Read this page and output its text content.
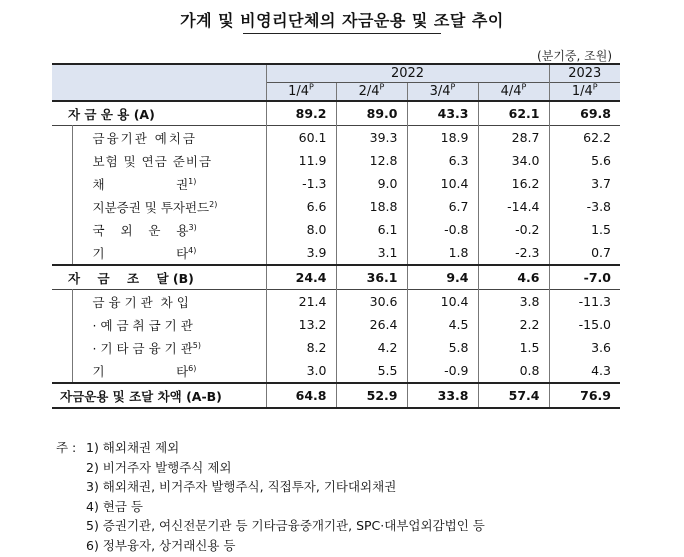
가계 및 비영리단체의 자금운용 및 조달 추이
(분기중, 조원)
		2022				2023
		$1/4^P$	$2/4^P$	$3/4^P$	$4/4^P$	$1/4^P$
자 금 운 용 (A)		89.2	89.0	43.3	62.1	69.8
	금융기관 예치금	60.1	39.3	18.9	28.7	62.2
	보험 및 연금 준비금	11.9	12.8	6.3	34.0	5.6
	채                  권$^{1)}$	-1.3	9.0	10.4	16.2	3.7
	지분증권 및 투자펀드$^{2)}$	6.6	18.8	6.7	-14.4	-3.8
	국    외    운    용$^{3)}$	8.0	6.1	-0.8	-0.2	1.5
	기                  타$^{4)}$	3.9	3.1	1.8	-2.3	0.7
자    금    조    달 (B)		24.4	36.1	9.4	4.6	-7.0
	금 융 기 관  차 입	21.4	30.6	10.4	3.8	-11.3
	· 예 금 취 급 기 관	13.2	26.4	4.5	2.2	-15.0
	· 기 타 금 융 기 관$^{5)}$	8.2	4.2	5.8	1.5	3.6
	기                  타$^{6)}$	3.0	5.5	-0.9	0.8	4.3
자금운용 및 조달 차액 (A-B)		64.8	52.9	33.8	57.4	76.9
주 : 1) 해외채권 제외
2) 비거주자 발행주식 제외
3) 해외채권, 비거주자 발행주식, 직접투자, 기타대외채권
4) 현금 등
5) 증권기관, 여신전문기관 등 기타금융중개기관, SPC·대부업외감법인 등
6) 정부융자, 상거래신용 등
